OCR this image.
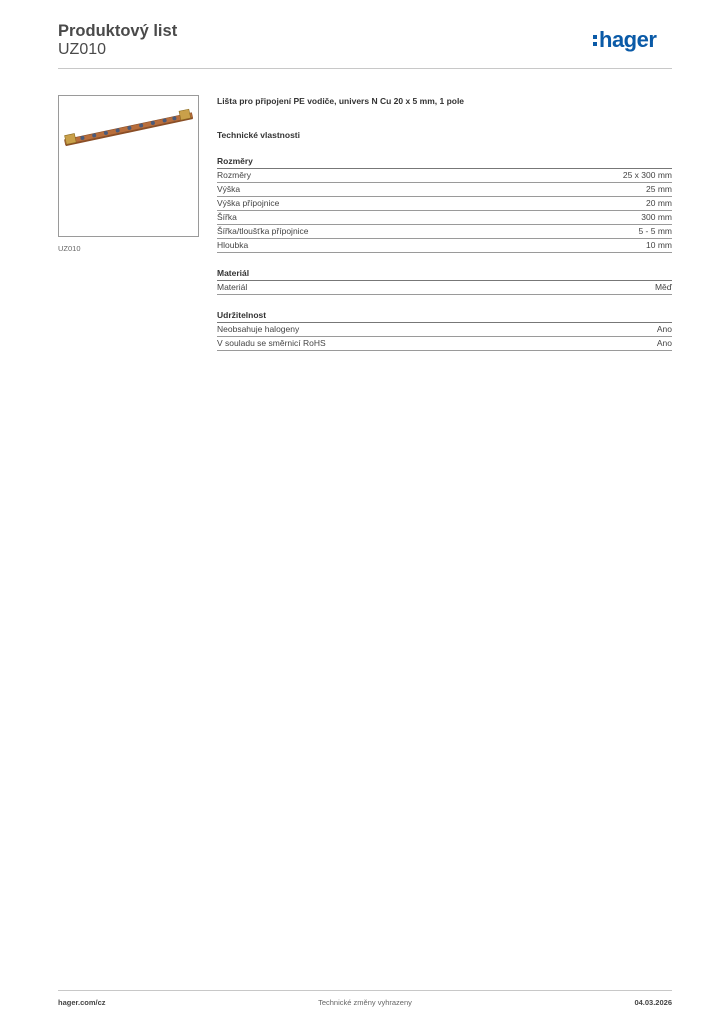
Produktový list
UZ010	hager
UZ010
Lišta pro připojení PE vodiče, univers N Cu 20 x 5 mm, 1 pole
Technické vlastnosti
Rozměry
Rozměry	25 x 300 mm
Výška	25 mm
Výška přípojnice	20 mm
Šířka	300 mm
Šířka/tloušťka přípojnice	5 - 5 mm
Hloubka	10 mm
Materiál
Materiál	Měď
Udržitelnost
Neobsahuje halogeny	Ano
V souladu se směrnicí RoHS	Ano
hager.com/cz	Technické změny vyhrazeny	04.03.2026
